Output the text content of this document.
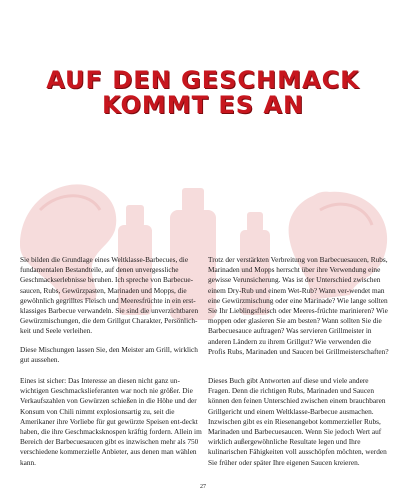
AUF DEN GESCHMACK
KOMMT ES AN

Sie bilden die Grundlage eines Weltklasse-Barbecues, die fundamentalen Bestandteile, auf denen unvergessliche Geschmackserlebnisse beruhen. Ich spreche von Barbecue-saucen, Rubs, Gewürzpasten, Marinaden und Mopps, die gewöhnlich gegrilltes Fleisch und Meeresfrüchte in ein erst-klassiges Barbecue verwandeln. Sie sind die unverzichtbaren Gewürzmischungen, die dem Grillgut Charakter, Persönlich-keit und Seele verleihen.

Diese Mischungen lassen Sie, den Meister am Grill, wirklich gut aussehen.

Eines ist sicher: Das Interesse an diesen nicht ganz un-wichtigen Geschmackslieferanten war noch nie größer. Die Verkaufszahlen von Gewürzen schießen in die Höhe und der Konsum von Chili nimmt explosionsartig zu, seit die Amerikaner ihre Vorliebe für gut gewürzte Speisen ent-deckt haben, die ihre Geschmacksknospen kräftig fordern. Allein im Bereich der Barbecuesaucen gibt es inzwischen mehr als 750 verschiedene kommerzielle Anbieter, aus denen man wählen kann.

Trotz der verstärkten Verbreitung von Barbecuesaucen, Rubs, Marinaden und Mopps herrscht über ihre Verwendung eine gewisse Verunsicherung. Was ist der Unterschied zwischen einem Dry-Rub und einem Wet-Rub? Wann ver-wendet man eine Gewürzmischung oder eine Marinade? Wie lange sollten Sie Ihr Lieblingsfleisch oder Meeres-früchte marinieren? Wie moppen oder glasieren Sie am besten? Wann sollten Sie die Barbecuesauce auftragen? Was servieren Grillmeister in anderen Ländern zu ihrem Grillgut? Wie verwenden die Profis Rubs, Marinaden und Saucen bei Grillmeisterschaften?

Dieses Buch gibt Antworten auf diese und viele andere Fragen. Denn die richtigen Rubs, Marinaden und Saucen können den feinen Unterschied zwischen einem brauchbaren Grillgericht und einem Weltklasse-Barbecue ausmachen. Inzwischen gibt es ein Riesenangebot kommerzieller Rubs, Marinaden und Barbecuesaucen. Wenn Sie jedoch Wert auf wirklich außergewöhnliche Resultate legen und Ihre kulinarischen Fähigkeiten voll ausschöpfen möchten, werden Sie früher oder später Ihre eigenen Saucen kreieren.

27
